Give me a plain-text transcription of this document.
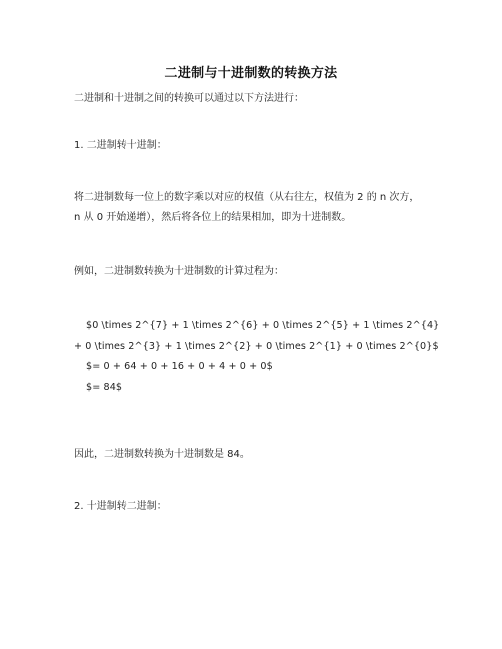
二进制与十进制数的转换方法
二进制和十进制之间的转换可以通过以下方法进行：
1. 二进制转十进制：
将二进制数每一位上的数字乘以对应的权值（从右往左，权值为 2 的 n 次方，
n 从 0 开始递增），然后将各位上的结果相加，即为十进制数。
例如，二进制数转换为十进制数的计算过程为：
$0 \times 2^{7} + 1 \times 2^{6} + 0 \times 2^{5} + 1 \times 2^{4}
+ 0 \times 2^{3} + 1 \times 2^{2} + 0 \times 2^{1} + 0 \times 2^{0}$
$= 0 + 64 + 0 + 16 + 0 + 4 + 0 + 0$
$= 84$
因此，二进制数转换为十进制数是 84。
2. 十进制转二进制：
